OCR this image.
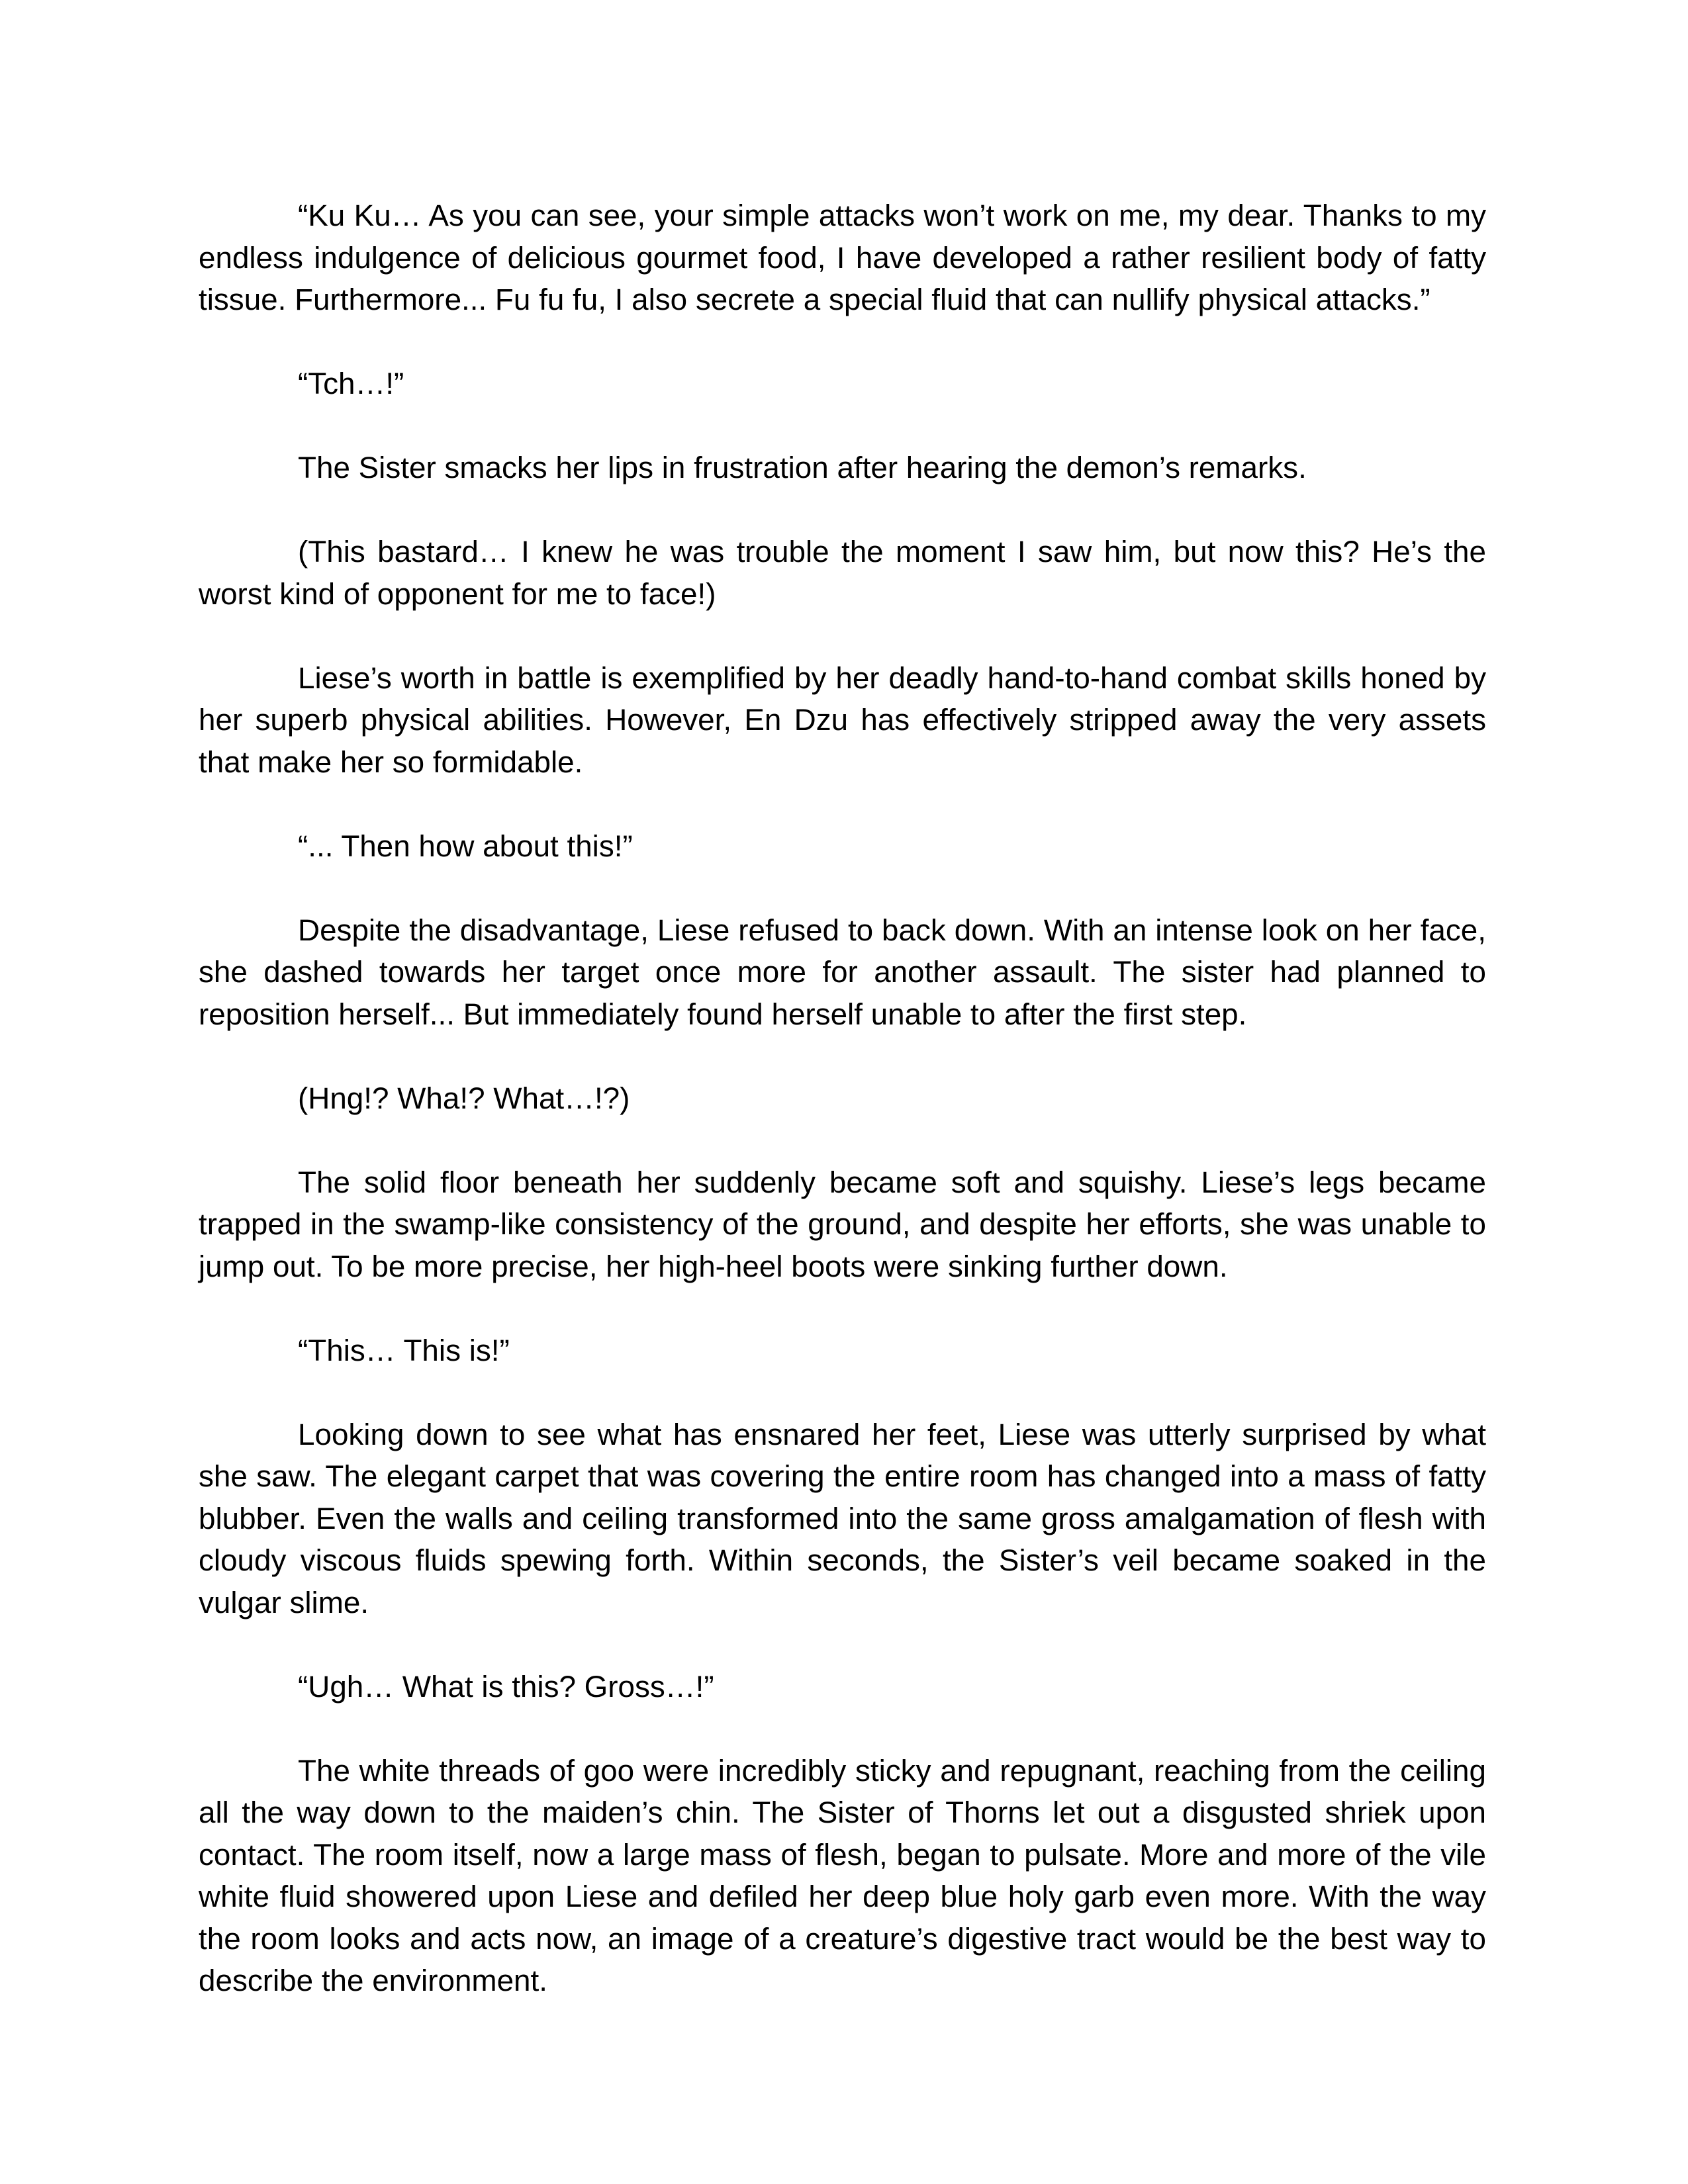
“Ku Ku… As you can see, your simple attacks won’t work on me, my dear. Thanks to my endless indulgence of delicious gourmet food, I have developed a rather resilient body of fatty tissue. Furthermore... Fu fu fu, I also secrete a special fluid that can nullify physical attacks.”

“Tch…!”

The Sister smacks her lips in frustration after hearing the demon’s remarks.

(This bastard… I knew he was trouble the moment I saw him, but now this? He’s the worst kind of opponent for me to face!)

Liese’s worth in battle is exemplified by her deadly hand-to-hand combat skills honed by her superb physical abilities. However, En Dzu has effectively stripped away the very assets that make her so formidable.

“... Then how about this!”

Despite the disadvantage, Liese refused to back down. With an intense look on her face, she dashed towards her target once more for another assault. The sister had planned to reposition herself... But immediately found herself unable to after the first step.

(Hng!? Wha!? What…!?)

The solid floor beneath her suddenly became soft and squishy. Liese’s legs became trapped in the swamp-like consistency of the ground, and despite her efforts, she was unable to jump out. To be more precise, her high-heel boots were sinking further down.

“This… This is!”

Looking down to see what has ensnared her feet, Liese was utterly surprised by what she saw. The elegant carpet that was covering the entire room has changed into a mass of fatty blubber. Even the walls and ceiling transformed into the same gross amalgamation of flesh with cloudy viscous fluids spewing forth. Within seconds, the Sister’s veil became soaked in the vulgar slime.

“Ugh… What is this? Gross…!”

The white threads of goo were incredibly sticky and repugnant, reaching from the ceiling all the way down to the maiden’s chin. The Sister of Thorns let out a disgusted shriek upon contact. The room itself, now a large mass of flesh, began to pulsate. More and more of the vile white fluid showered upon Liese and defiled her deep blue holy garb even more. With the way the room looks and acts now, an image of a creature’s digestive tract would be the best way to describe the environment.
